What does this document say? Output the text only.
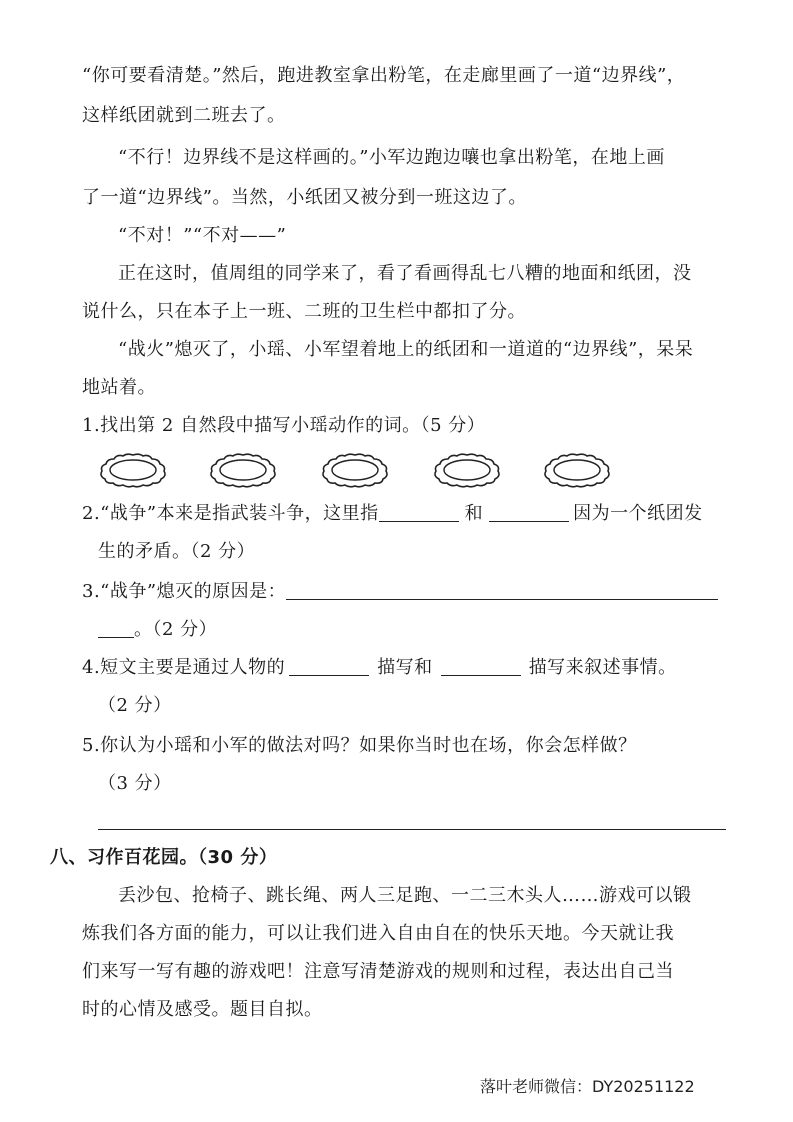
“你可要看清楚。”然后，跑进教室拿出粉笔，在走廊里画了一道“边界线”，
这样纸团就到二班去了。
“不行！边界线不是这样画的。”小军边跑边嚷也拿出粉笔，在地上画
了一道“边界线”。当然，小纸团又被分到一班这边了。
“不对！”“不对——”
正在这时，值周组的同学来了，看了看画得乱七八糟的地面和纸团，没
说什么，只在本子上一班、二班的卫生栏中都扣了分。
“战火”熄灭了，小瑶、小军望着地上的纸团和一道道的“边界线”，呆呆
地站着。
1.找出第 2 自然段中描写小瑶动作的词。（5 分）
2.“战争”本来是指武装斗争，这里指	和	因为一个纸团发
生的矛盾。（2 分）
3.“战争”熄灭的原因是：
。（2 分）
4.短文主要是通过人物的	描写和	描写来叙述事情。
（2 分）
5.你认为小瑶和小军的做法对吗？如果你当时也在场，你会怎样做？
（3 分）
八、习作百花园。（30 分）
丢沙包、抢椅子、跳长绳、两人三足跑、一二三木头人……游戏可以锻
炼我们各方面的能力，可以让我们进入自由自在的快乐天地。今天就让我
们来写一写有趣的游戏吧！注意写清楚游戏的规则和过程，表达出自己当
时的心情及感受。题目自拟。
落叶老师微信：DY20251122
